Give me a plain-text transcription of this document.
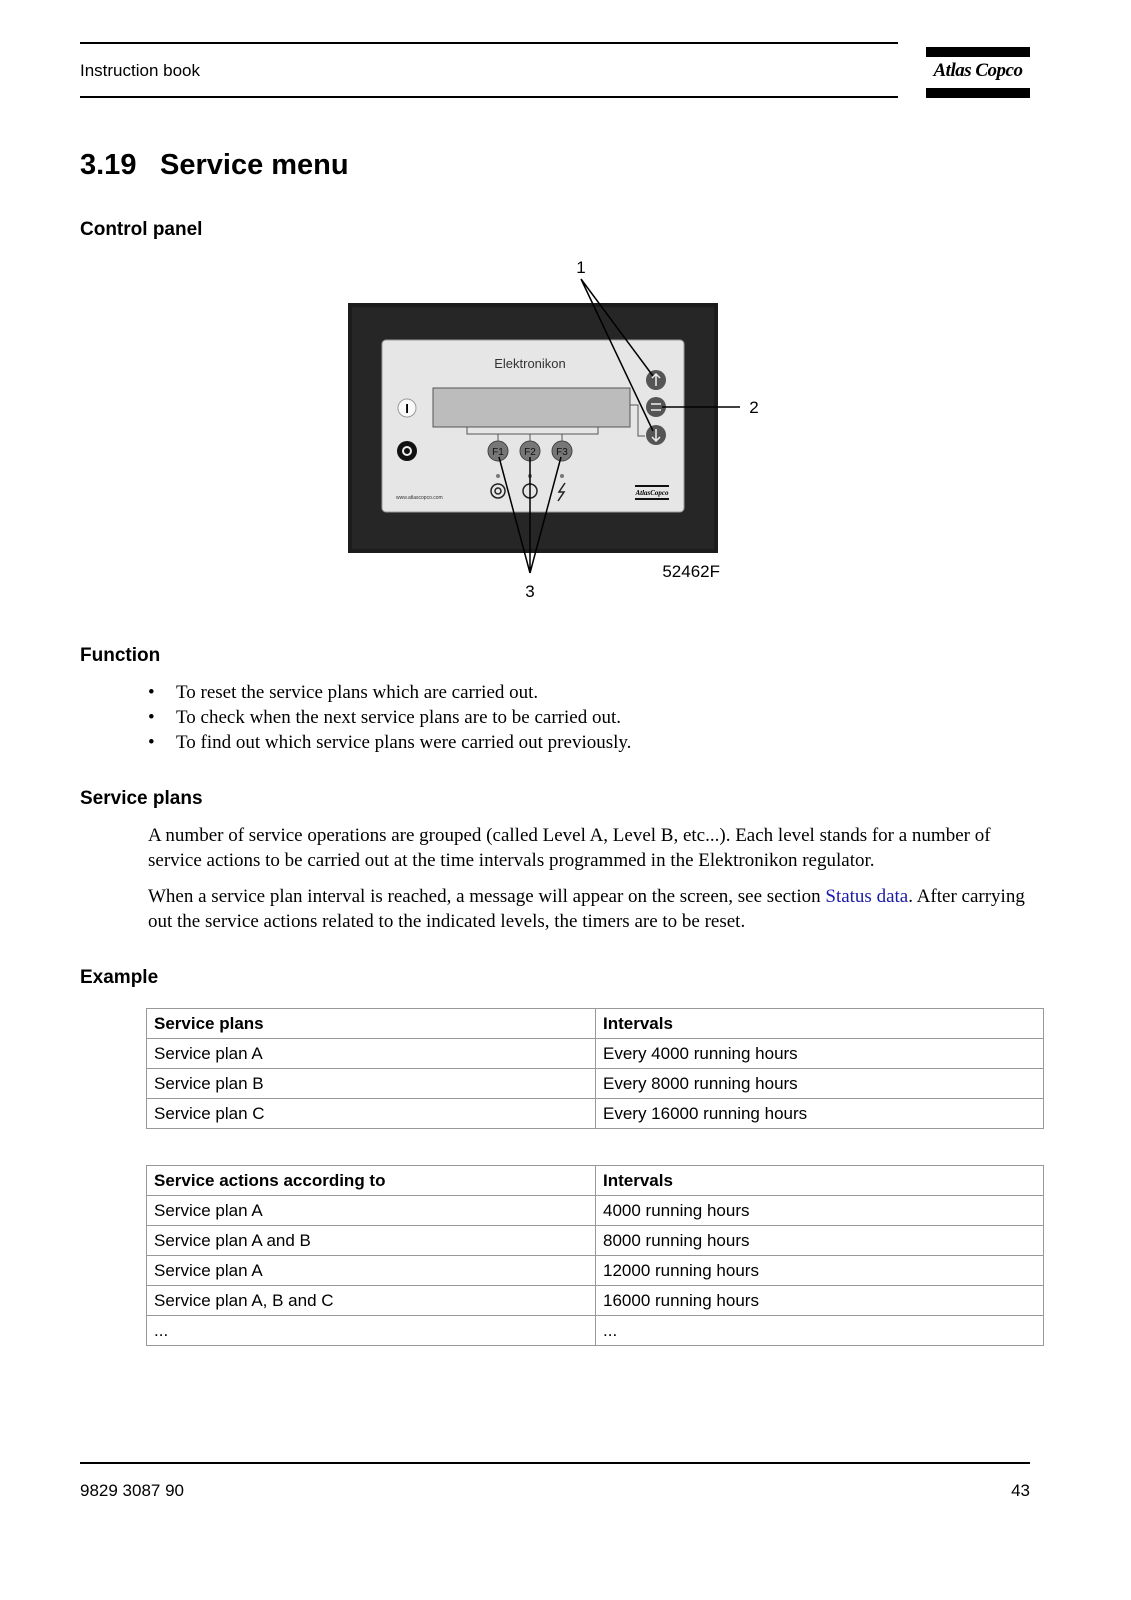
Instruction book	Atlas Copco
3.19 Service menu
Control panel
Elektronikon
I
F1 F2 F3
www.atlascopco.com
AtlasCopco
1
2
3
52462F
Function
• To reset the service plans which are carried out.
• To check when the next service plans are to be carried out.
• To find out which service plans were carried out previously.
Service plans

A number of service operations are grouped (called Level A, Level B, etc...). Each level stands for a number of service actions to be carried out at the time intervals programmed in the Elektronikon regulator.

When a service plan interval is reached, a message will appear on the screen, see section Status data. After carrying out the service actions related to the indicated levels, the timers are to be reset.

Example
Service plans	Intervals
Service plan A	Every 4000 running hours
Service plan B	Every 8000 running hours
Service plan C	Every 16000 running hours
Service actions according to	Intervals
Service plan A	4000 running hours
Service plan A and B	8000 running hours
Service plan A	12000 running hours
Service plan A, B and C	16000 running hours
...	...
9829 3087 90	43
